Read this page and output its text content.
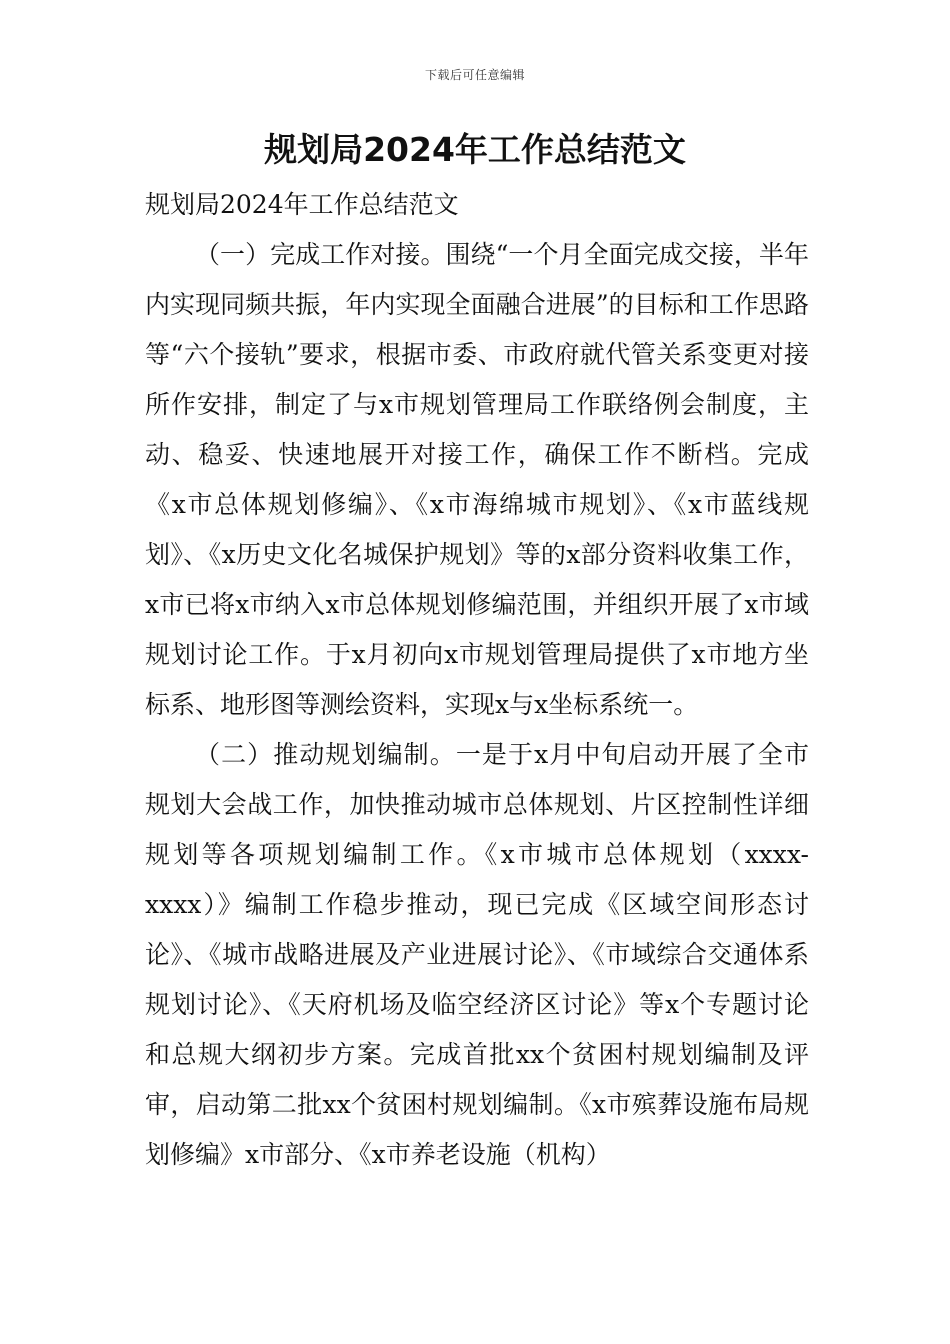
下载后可任意编辑
规划局2024年工作总结范文

规划局2024年工作总结范文

（一）完成工作对接。围绕“一个月全面完成交接，半年内实现同频共振，年内实现全面融合进展”的目标和工作思路等“六个接轨”要求，根据市委、市政府就代管关系变更对接所作安排，制定了与x市规划管理局工作联络例会制度，主动、稳妥、快速地展开对接工作，确保工作不断档。完成《x市总体规划修编》、《x市海绵城市规划》、《x市蓝线规划》、《x历史文化名城保护规划》等的x部分资料收集工作，x市已将x市纳入x市总体规划修编范围，并组织开展了x市域规划讨论工作。于x月初向x市规划管理局提供了x市地方坐标系、地形图等测绘资料，实现x与x坐标系统一。

（二）推动规划编制。一是于x月中旬启动开展了全市规划大会战工作，加快推动城市总体规划、片区控制性详细规划等各项规划编制工作。《x市城市总体规划（xxxx-xxxx）》编制工作稳步推动，现已完成《区域空间形态讨论》、《城市战略进展及产业进展讨论》、《市域综合交通体系规划讨论》、《天府机场及临空经济区讨论》等x个专题讨论和总规大纲初步方案。完成首批xx个贫困村规划编制及评审，启动第二批xx个贫困村规划编制。《x市殡葬设施布局规划修编》x市部分、《x市养老设施（机构）
